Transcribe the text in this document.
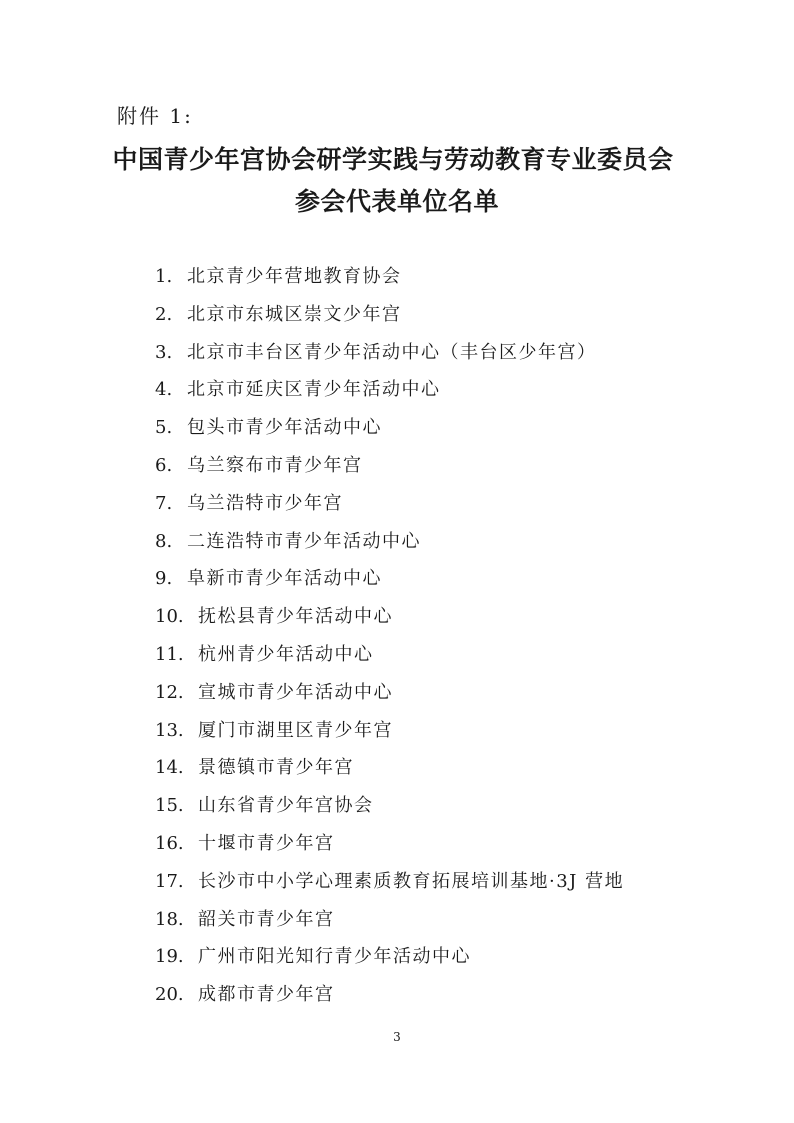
附件 1:
中国青少年宫协会研学实践与劳动教育专业委员会
参会代表单位名单
1. 北京青少年营地教育协会
2. 北京市东城区崇文少年宫
3. 北京市丰台区青少年活动中心（丰台区少年宫）
4. 北京市延庆区青少年活动中心
5. 包头市青少年活动中心
6. 乌兰察布市青少年宫
7. 乌兰浩特市少年宫
8. 二连浩特市青少年活动中心
9. 阜新市青少年活动中心
10. 抚松县青少年活动中心
11. 杭州青少年活动中心
12. 宣城市青少年活动中心
13. 厦门市湖里区青少年宫
14. 景德镇市青少年宫
15. 山东省青少年宫协会
16. 十堰市青少年宫
17. 长沙市中小学心理素质教育拓展培训基地·3J 营地
18. 韶关市青少年宫
19. 广州市阳光知行青少年活动中心
20. 成都市青少年宫
3
